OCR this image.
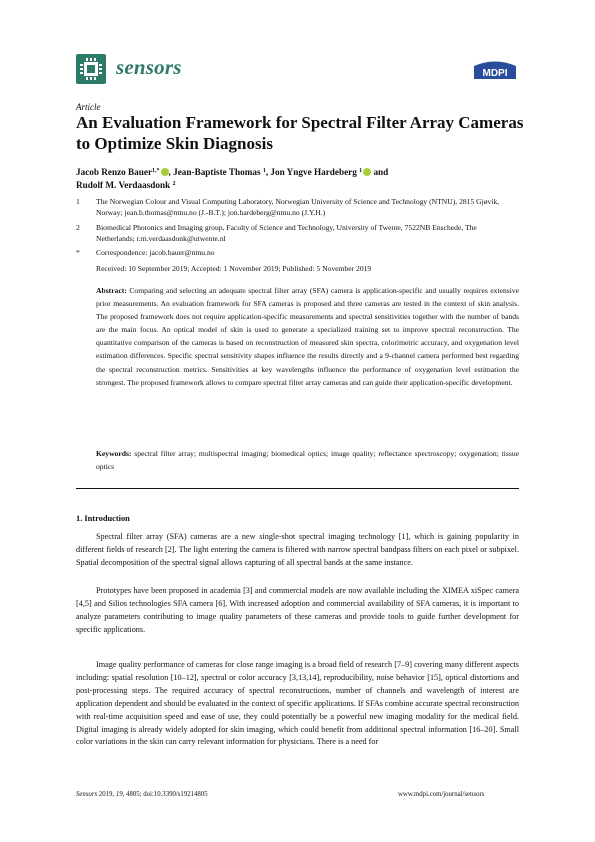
sensors	MDPI
Article
An Evaluation Framework for Spectral Filter Array Cameras to Optimize Skin Diagnosis
Jacob Renzo Bauer$^{1,*}$ , Jean-Baptiste Thomas $^1$, Jon Yngve Hardeberg $^1$ and
Rudolf M. Verdaasdonk $^2$
1 The Norwegian Colour and Visual Computing Laboratory, Norwegian University of Science and Technology (NTNU), 2815 Gjøvik, Norway; jean.b.thomas@ntnu.no (J.-B.T.); jon.hardeberg@ntnu.no (J.Y.H.)
2 Biomedical Photonics and Imaging group, Faculty of Science and Technology, University of Twente, 7522NB Enschede, The Netherlands; r.m.verdaasdonk@utwente.nl
* Correspondence: jacob.bauer@ntnu.no
Received: 10 September 2019; Accepted: 1 November 2019; Published: 5 November 2019
Abstract: Comparing and selecting an adequate spectral filter array (SFA) camera is application-specific and usually requires extensive prior measurements. An evaluation framework for SFA cameras is proposed and three cameras are tested in the context of skin analysis. The proposed framework does not require application-specific measurements and spectral sensitivities together with the number of bands are the main focus. An optical model of skin is used to generate a specialized training set to improve spectral reconstruction. The quantitative comparison of the cameras is based on reconstruction of measured skin spectra, colorimetric accuracy, and oxygenation level estimation differences. Specific spectral sensitivity shapes influence the results directly and a 9-channel camera performed best regarding the spectral reconstruction metrics. Sensitivities at key wavelengths influence the performance of oxygenation level estimation the strongest. The proposed framework allows to compare spectral filter array cameras and can guide their application-specific development.
Keywords: spectral filter array; multispectral imaging; biomedical optics; image quality; reflectance spectroscopy; oxygenation; tissue optics
1. Introduction
Spectral filter array (SFA) cameras are a new single-shot spectral imaging technology [1], which is gaining popularity in different fields of research [2]. The light entering the camera is filtered with narrow spectral bandpass filters on each pixel or subpixel. Spatial decomposition of the spectral signal allows capturing of all spectral bands at the same instance.
Prototypes have been proposed in academia [3] and commercial models are now available including the XIMEA xiSpec camera [4,5] and Silios technologies SFA camera [6]. With increased adoption and commercial availability of SFA cameras, it is important to analyze parameters contributing to image quality parameters of these cameras and provide tools to guide further development for specific applications.
Image quality performance of cameras for close range imaging is a broad field of research [7–9] covering many different aspects including: spatial resolution [10–12], spectral or color accuracy [3,13,14], reproducibility, noise behavior [15], optical distortions and post-processing steps. The required accuracy of spectral reconstructions, number of channels and wavelength of interest are application dependent and should be evaluated in the context of specific applications. If SFAs combine accurate spectral reconstruction with real-time acquisition speed and ease of use, they could potentially be a powerful new imaging modality for the medical field. Digital imaging is already widely adopted for skin imaging, which could benefit from additional spectral information [16–20]. Small color variations in the skin can carry relevant information for physicians. There is a need for
Sensors 2019, 19, 4805; doi:10.3390/s19214805	www.mdpi.com/journal/sensors
